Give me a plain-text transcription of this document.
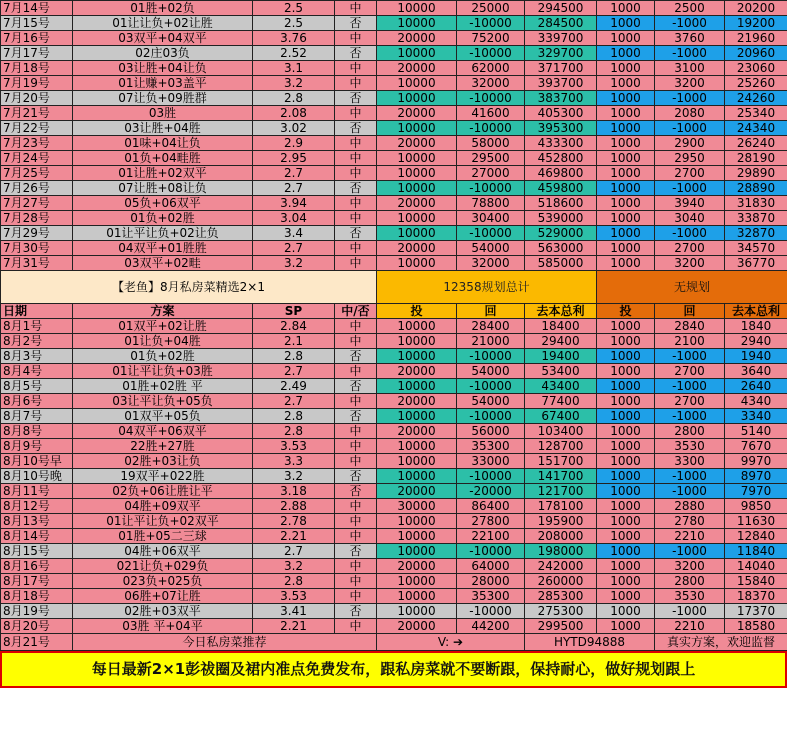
7月14号	01胜+02负	2.5	中	10000	25000	294500	1000	2500	20200
7月15号	01让让负+02让胜	2.5	否	10000	-10000	284500	1000	-1000	19200
7月16号	03双平+04双平	3.76	中	20000	75200	339700	1000	3760	21960
7月17号	02庄03负	2.52	否	10000	-10000	329700	1000	-1000	20960
7月18号	03让胜+04让负	3.1	中	20000	62000	371700	1000	3100	23060
7月19号	01让赚+03盖平	3.2	中	10000	32000	393700	1000	3200	25260
7月20号	07让负+09胜群	2.8	否	10000	-10000	383700	1000	-1000	24260
7月21号	03胜	2.08	中	20000	41600	405300	1000	2080	25340
7月22号	03让胜+04胜	3.02	否	10000	-10000	395300	1000	-1000	24340
7月23号	01味+04让负	2.9	中	20000	58000	433300	1000	2900	26240
7月24号	01负+04畦胜	2.95	中	10000	29500	452800	1000	2950	28190
7月25号	01让胜+02双平	2.7	中	10000	27000	469800	1000	2700	29890
7月26号	07让胜+08让负	2.7	否	10000	-10000	459800	1000	-1000	28890
7月27号	05负+06双平	3.94	中	20000	78800	518600	1000	3940	31830
7月28号	01负+02胜	3.04	中	10000	30400	539000	1000	3040	33870
7月29号	01让平让负+02让负	3.4	否	10000	-10000	529000	1000	-1000	32870
7月30号	04双平+01胜胜	2.7	中	20000	54000	563000	1000	2700	34570
7月31号	03双平+02畦	3.2	中	10000	32000	585000	1000	3200	36770
【老鱼】8月私房菜精选2×1				12358规划总计			无规划		
日期	方案	SP	中/否	投	回	去本总利	投	回	去本总利
8月1号	01双平+02让胜	2.84	中	10000	28400	18400	1000	2840	1840
8月2号	01让负+04胜	2.1	中	10000	21000	29400	1000	2100	2940
8月3号	01负+02胜	2.8	否	10000	-10000	19400	1000	-1000	1940
8月4号	01让平让负+03胜	2.7	中	20000	54000	53400	1000	2700	3640
8月5号	01胜+02胜 平	2.49	否	10000	-10000	43400	1000	-1000	2640
8月6号	03让平让负+05负	2.7	中	20000	54000	77400	1000	2700	4340
8月7号	01双平+05负	2.8	否	10000	-10000	67400	1000	-1000	3340
8月8号	04双平+06双平	2.8	中	20000	56000	103400	1000	2800	5140
8月9号	22胜+27胜	3.53	中	10000	35300	128700	1000	3530	7670
8月10号早	02胜+03让负	3.3	中	10000	33000	151700	1000	3300	9970
8月10号晚	19双平+022胜	3.2	否	10000	-10000	141700	1000	-1000	8970
8月11号	02负+06让胜让平	3.18	否	20000	-20000	121700	1000	-1000	7970
8月12号	04胜+09双平	2.88	中	30000	86400	178100	1000	2880	9850
8月13号	01让平让负+02双平	2.78	中	10000	27800	195900	1000	2780	11630
8月14号	01胜+05二三球	2.21	中	10000	22100	208000	1000	2210	12840
8月15号	04胜+06双平	2.7	否	10000	-10000	198000	1000	-1000	11840
8月16号	021让负+029负	3.2	中	20000	64000	242000	1000	3200	14040
8月17号	023负+025负	2.8	中	10000	28000	260000	1000	2800	15840
8月18号	06胜+07让胜	3.53	中	10000	35300	285300	1000	3530	18370
8月19号	02胜+03双平	3.41	否	10000	-10000	275300	1000	-1000	17370
8月20号	03胜 平+04平	2.21	中	20000	44200	299500	1000	2210	18580
8月21号	今日私房菜推荐			V: ➔		HYTD94888		真实方案，欢迎监督	
每日最新2×1彭祓圈及裙内准点免费发布，跟私房菜就不要断跟，保持耐心，做好规划跟上
